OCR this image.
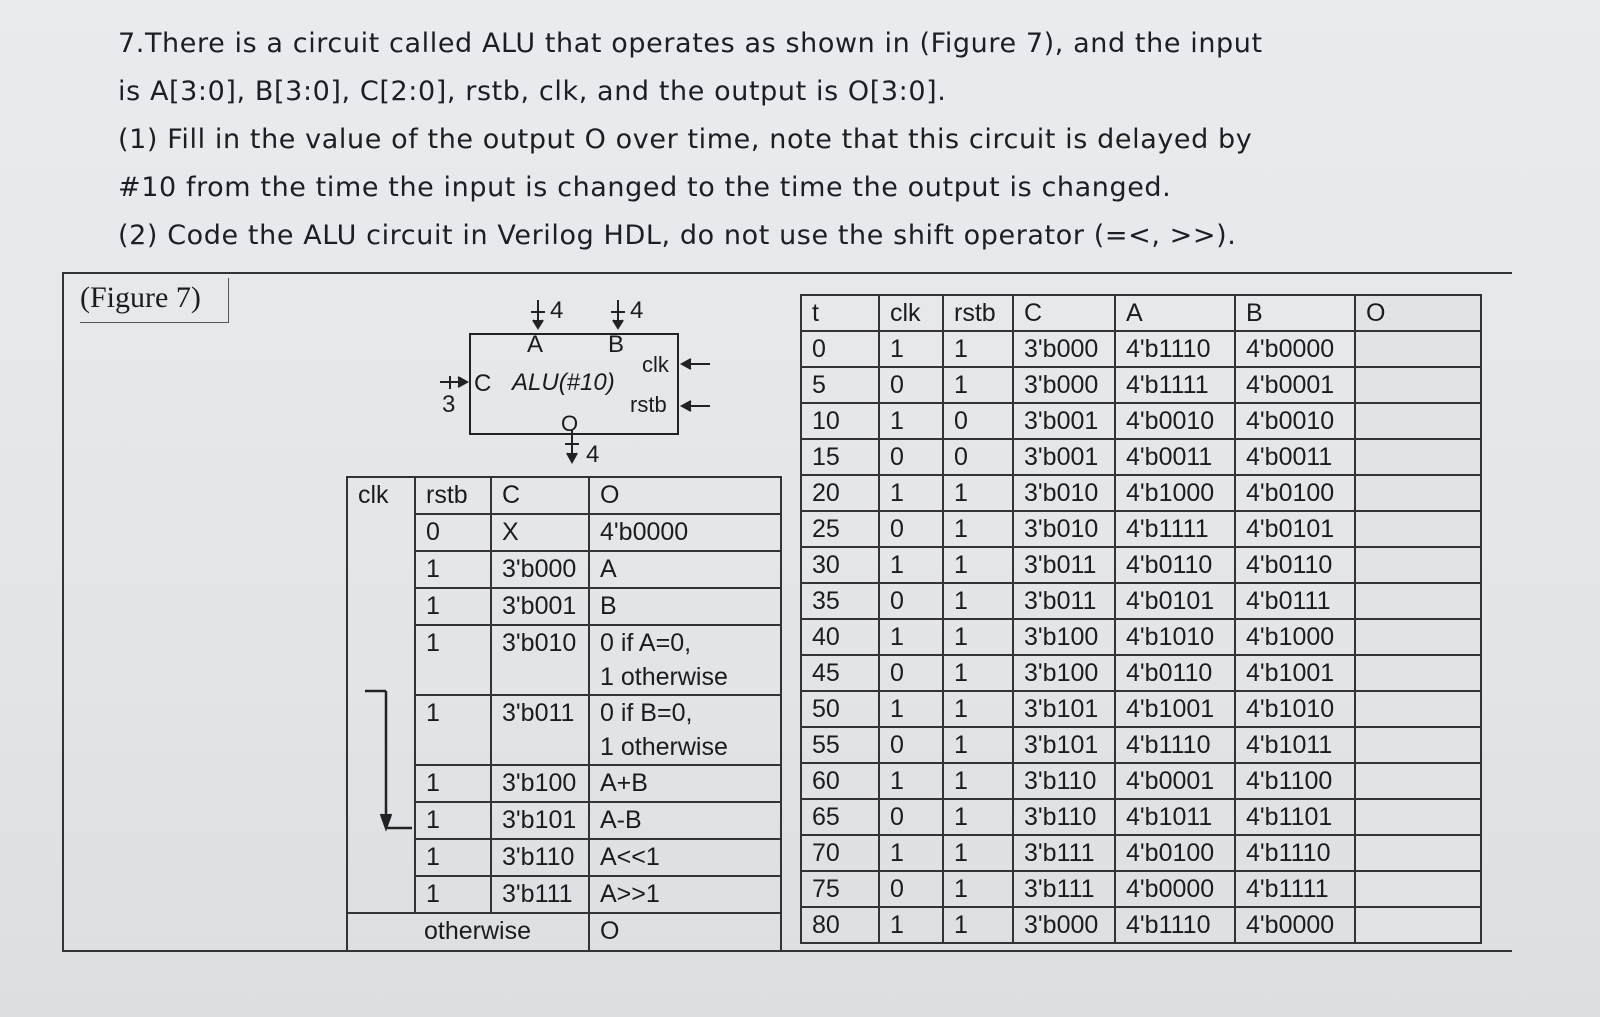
7.There is a circuit called ALU that operates as shown in (Figure 7), and the input

is A[3:0], B[3:0], C[2:0], rstb, clk, and the output is O[3:0].

(1) Fill in the value of the output O over time, note that this circuit is delayed by

#10 from the time the input is changed to the time the output is changed.

(2) Code the ALU circuit in Verilog HDL, do not use the shift operator (=<, >>).

(Figure 7)	4	4
A	B
C
3
ALU(#10)
clk
rstb
O
4
clk	rstb	C	O
	0	X	4'b0000
	1	3'b000	A
	1	3'b001	B
	1	3'b010	0 if A=0,
1 otherwise
	1	3'b011	0 if B=0,
1 otherwise
	1	3'b100	A+B
	1	3'b101	A-B
	1	3'b110	A<<1
	1	3'b111	A>>1
otherwise			O
t	clk	rstb	C	A	B	O
0	1	1	3'b000	4'b1110	4'b0000	
5	0	1	3'b000	4'b1111	4'b0001	
10	1	0	3'b001	4'b0010	4'b0010	
15	0	0	3'b001	4'b0011	4'b0011	
20	1	1	3'b010	4'b1000	4'b0100	
25	0	1	3'b010	4'b1111	4'b0101	
30	1	1	3'b011	4'b0110	4'b0110	
35	0	1	3'b011	4'b0101	4'b0111	
40	1	1	3'b100	4'b1010	4'b1000	
45	0	1	3'b100	4'b0110	4'b1001	
50	1	1	3'b101	4'b1001	4'b1010	
55	0	1	3'b101	4'b1110	4'b1011	
60	1	1	3'b110	4'b0001	4'b1100	
65	0	1	3'b110	4'b1011	4'b1101	
70	1	1	3'b111	4'b0100	4'b1110	
75	0	1	3'b111	4'b0000	4'b1111	
80	1	1	3'b000	4'b1110	4'b0000	
